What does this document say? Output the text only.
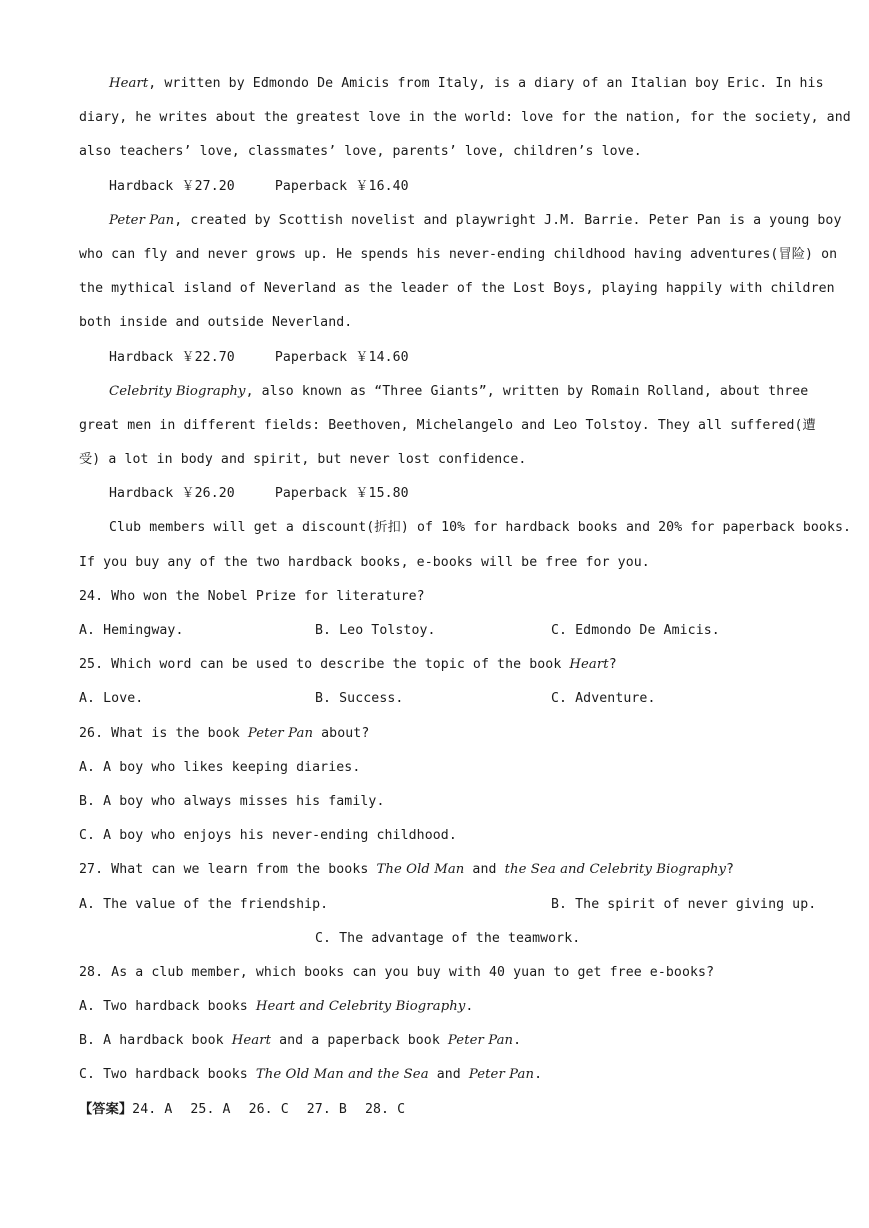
Heart, written by Edmondo De Amicis from Italy, is a diary of an Italian boy Eric. In his
diary, he writes about the greatest love in the world: love for the nation, for the society, and
also teachers’ love, classmates’ love, parents’ love, children’s love.
Hardback ￥27.20	Paperback ￥16.40
Peter Pan, created by Scottish novelist and playwright J.M. Barrie. Peter Pan is a young boy
who can fly and never grows up. He spends his never-ending childhood having adventures(冒险) on
the mythical island of Neverland as the leader of the Lost Boys, playing happily with children
both inside and outside Neverland.
Hardback ￥22.70	Paperback ￥14.60
Celebrity Biography, also known as “Three Giants”, written by Romain Rolland, about three
great men in different fields: Beethoven, Michelangelo and Leo Tolstoy. They all suffered(遭
受) a lot in body and spirit, but never lost confidence.
Hardback ￥26.20	Paperback ￥15.80
Club members will get a discount(折扣) of 10% for hardback books and 20% for paperback books.
If you buy any of the two hardback books, e-books will be free for you.
24. Who won the Nobel Prize for literature?
A. Hemingway.	B. Leo Tolstoy.	C. Edmondo De Amicis.
25. Which word can be used to describe the topic of the book Heart?
A. Love.	B. Success.	C. Adventure.
26. What is the book Peter Pan about?
A. A boy who likes keeping diaries.
B. A boy who always misses his family.
C. A boy who enjoys his never-ending childhood.
27. What can we learn from the books The Old Man and the Sea and Celebrity Biography?
A. The value of the friendship.	B. The spirit of never giving up.
C. The advantage of the teamwork.
28. As a club member, which books can you buy with 40 yuan to get free e-books?
A. Two hardback books Heart and Celebrity Biography.
B. A hardback book Heart and a paperback book Peter Pan.
C. Two hardback books The Old Man and the Sea and Peter Pan.
【答案】24. A 25. A 26. C 27. B 28. C
